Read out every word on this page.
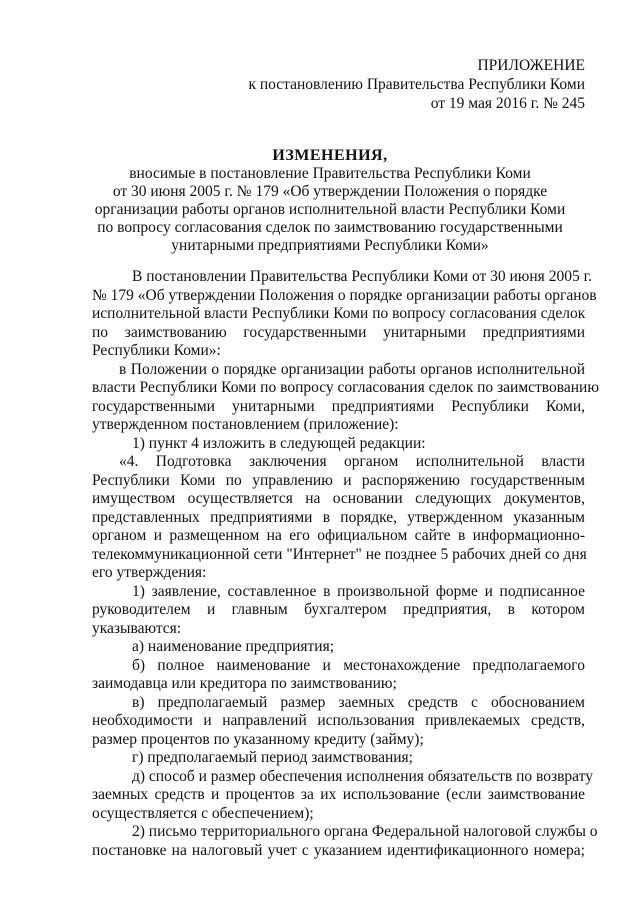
ПРИЛОЖЕНИЕ
к постановлению Правительства Республики Коми
от 19 мая 2016 г. № 245
ИЗМЕНЕНИЯ,
вносимые в постановление Правительства Республики Коми
от 30 июня 2005 г. № 179 «Об утверждении Положения о порядке
организации работы органов исполнительной власти Республики Коми
по вопросу согласования сделок по заимствованию государственными
унитарными предприятиями Республики Коми»
В постановлении Правительства Республики Коми от 30 июня 2005 г.
№ 179 «Об утверждении Положения о порядке организации работы органов
исполнительной власти Республики Коми по вопросу согласования сделок
по заимствованию государственными унитарными предприятиями
Республики Коми»:
в Положении о порядке организации работы органов исполнительной
власти Республики Коми по вопросу согласования сделок по заимствованию
государственными унитарными предприятиями Республики Коми,
утвержденном постановлением (приложение):
1) пункт 4 изложить в следующей редакции:
«4. Подготовка заключения органом исполнительной власти
Республики Коми по управлению и распоряжению государственным
имуществом осуществляется на основании следующих документов,
представленных предприятиями в порядке, утвержденном указанным
органом и размещенном на его официальном сайте в информационно-
телекоммуникационной сети "Интернет" не позднее 5 рабочих дней со дня
его утверждения:
1) заявление, составленное в произвольной форме и подписанное
руководителем и главным бухгалтером предприятия, в котором
указываются:
а) наименование предприятия;
б) полное наименование и местонахождение предполагаемого
заимодавца или кредитора по заимствованию;
в) предполагаемый размер заемных средств с обоснованием
необходимости и направлений использования привлекаемых средств,
размер процентов по указанному кредиту (займу);
г) предполагаемый период заимствования;
д) способ и размер обеспечения исполнения обязательств по возврату
заемных средств и процентов за их использование (если заимствование
осуществляется с обеспечением);
2) письмо территориального органа Федеральной налоговой службы о
постановке на налоговый учет с указанием идентификационного номера;
